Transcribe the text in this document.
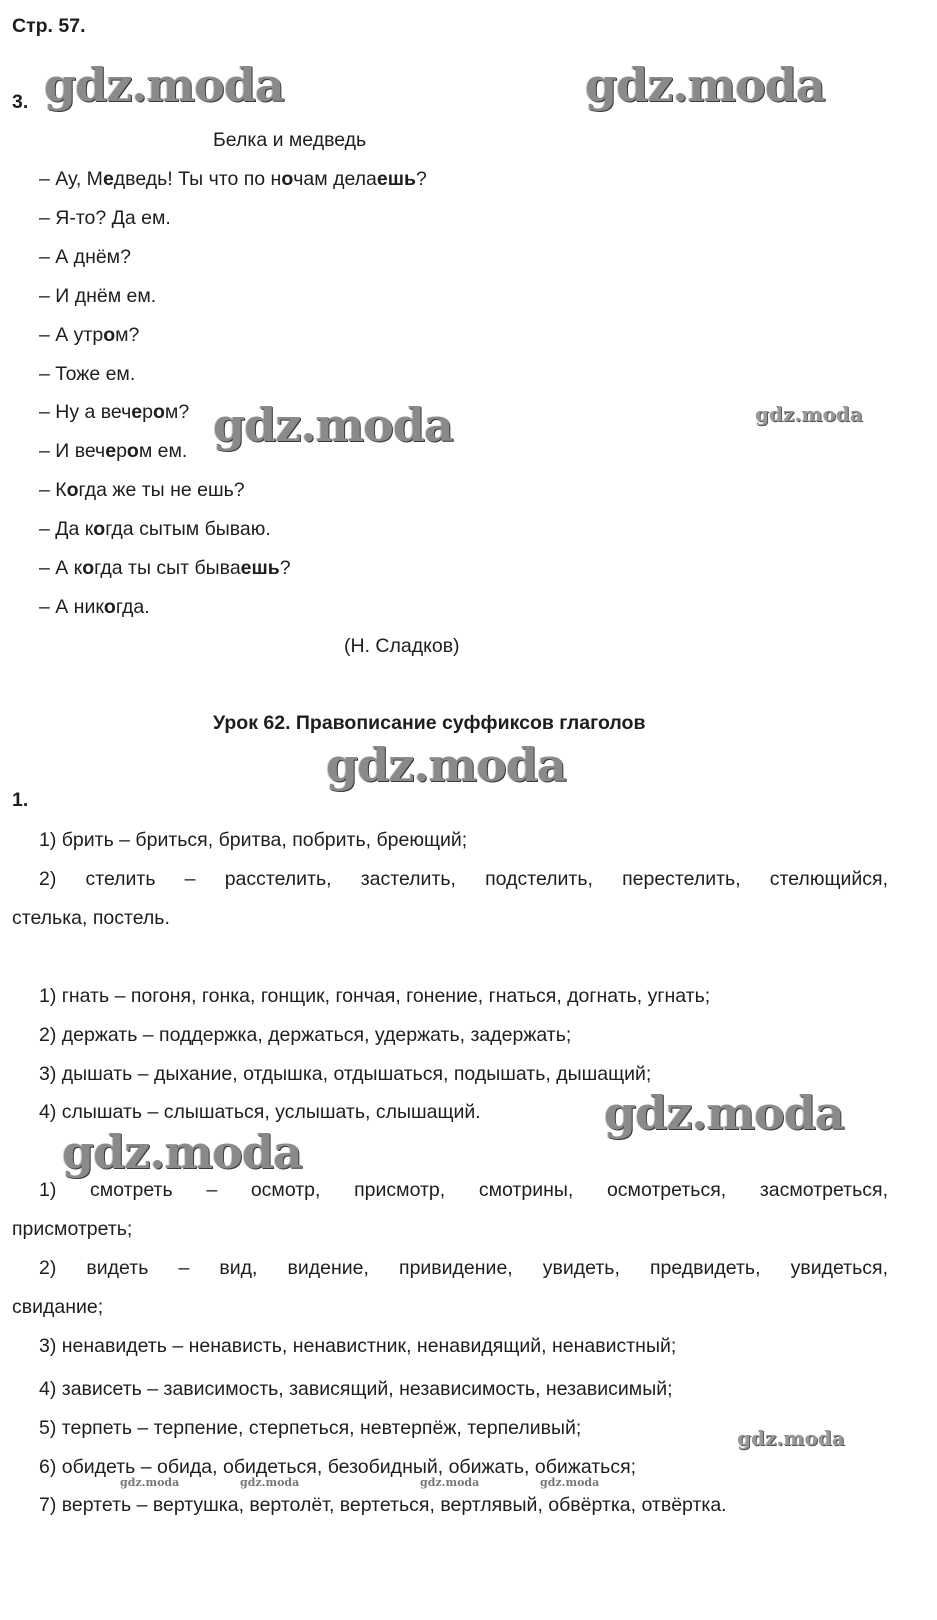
Стр. 57.
3.
Белка и медведь
– Ау, Медведь! Ты что по ночам делаешь?
– Я-то? Да ем.
– А днём?
– И днём ем.
– А утром?
– Тоже ем.
– Ну а вечером?
– И вечером ем.
– Когда же ты не ешь?
– Да когда сытым бываю.
– А когда ты сыт бываешь?
– А никогда.
(Н. Сладков)
Урок 62. Правописание суффиксов глаголов
1.
1) брить – бриться, бритва, побрить, бреющий;
2) стелить – расстелить, застелить, подстелить, перестелить, стелющийся,
стелька, постель.
1) гнать – погоня, гонка, гонщик, гончая, гонение, гнаться, догнать, угнать;
2) держать – поддержка, держаться, удержать, задержать;
3) дышать – дыхание, отдышка, отдышаться, подышать, дышащий;
4) слышать – слышаться, услышать, слышащий.
1) смотреть – осмотр, присмотр, смотрины, осмотреться, засмотреться,
присмотреть;
2) видеть – вид, видение, привидение, увидеть, предвидеть, увидеться,
свидание;
3) ненавидеть – ненависть, ненавистник, ненавидящий, ненавистный;
4) зависеть – зависимость, зависящий, независимость, независимый;
5) терпеть – терпение, стерпеться, невтерпёж, терпеливый;
6) обидеть – обида, обидеться, безобидный, обижать, обижаться;
7) вертеть – вертушка, вертолёт, вертеться, вертлявый, обвёртка, отвёртка.
gdz.moda	gdz.moda
gdz.moda	gdz.moda
gdz.moda
gdz.moda
gdz.moda
gdz.moda
gdz.moda	gdz.moda	gdz.moda	gdz.moda
